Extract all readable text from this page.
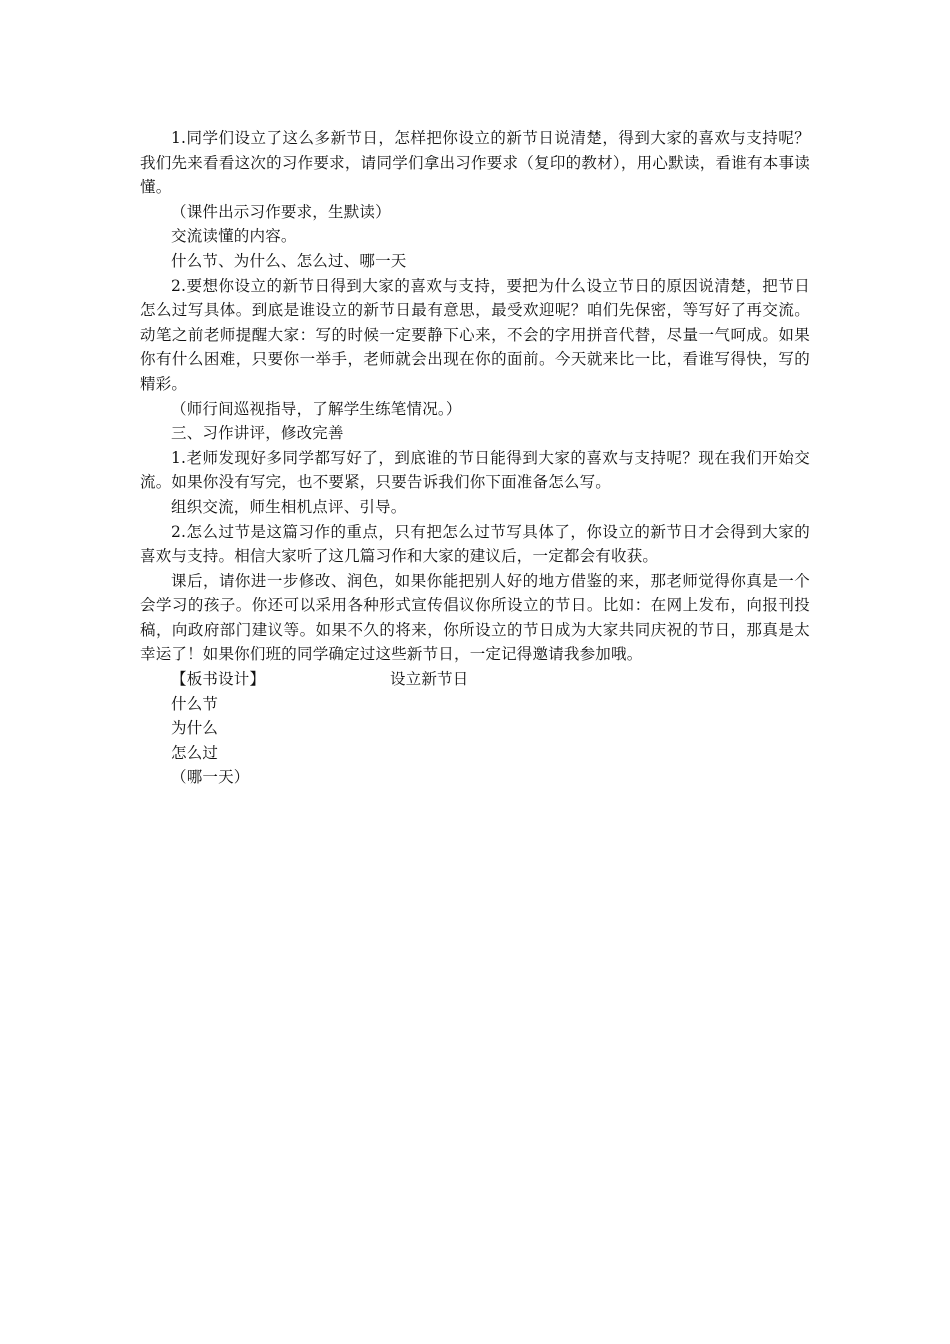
1.同学们设立了这么多新节日，怎样把你设立的新节日说清楚，得到大家的喜欢与支持呢？我们先来看看这次的习作要求，请同学们拿出习作要求（复印的教材），用心默读，看谁有本事读懂。

（课件出示习作要求，生默读）

交流读懂的内容。

什么节、为什么、怎么过、哪一天

2.要想你设立的新节日得到大家的喜欢与支持，要把为什么设立节日的原因说清楚，把节日怎么过写具体。到底是谁设立的新节日最有意思，最受欢迎呢？咱们先保密，等写好了再交流。动笔之前老师提醒大家：写的时候一定要静下心来，不会的字用拼音代替，尽量一气呵成。如果你有什么困难，只要你一举手，老师就会出现在你的面前。今天就来比一比，看谁写得快，写的精彩。

（师行间巡视指导，了解学生练笔情况。）

三、习作讲评，修改完善

1.老师发现好多同学都写好了，到底谁的节日能得到大家的喜欢与支持呢？现在我们开始交流。如果你没有写完，也不要紧，只要告诉我们你下面准备怎么写。

组织交流，师生相机点评、引导。

2.怎么过节是这篇习作的重点，只有把怎么过节写具体了，你设立的新节日才会得到大家的喜欢与支持。相信大家听了这几篇习作和大家的建议后，一定都会有收获。

课后，请你进一步修改、润色，如果你能把别人好的地方借鉴的来，那老师觉得你真是一个会学习的孩子。你还可以采用各种形式宣传倡议你所设立的节日。比如：在网上发布，向报刊投稿，向政府部门建议等。如果不久的将来，你所设立的节日成为大家共同庆祝的节日，那真是太幸运了！如果你们班的同学确定过这些新节日，一定记得邀请我参加哦。

【板书设计】	设立新节日
什么节
为什么
怎么过
（哪一天）
